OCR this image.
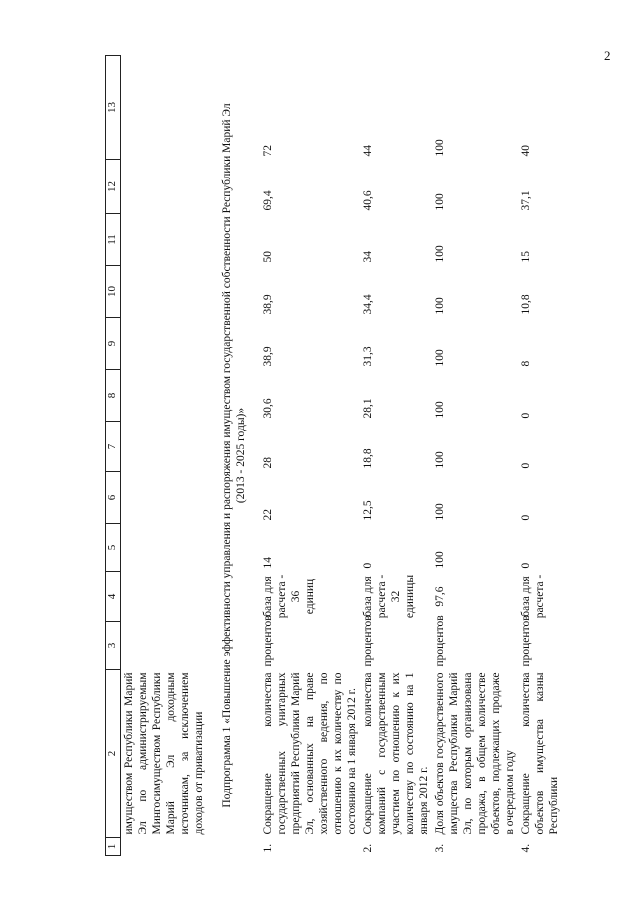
2
1	2	3	4	5	6	7	8	9	10	11	12	13
	имуществом Республики Марий Эл по администрируемым Мингосимуществом Республики Марий Эл доходным источникам, за исключением доходов от приватизации											
Подпрограмма 1 «Повышение эффективности управления и распоряжения имуществом государственной собственности Республики Марий Эл (2013 - 2025 годы)»												
1.	Сокращение количества государственных унитарных предприятий Республики Марий Эл, основанных на праве хозяйственного ведения, по отношению к их количеству по состоянию на 1 января 2012 г.	процентов	база для расчета - 36 единиц	14	22	28	30,6	38,9	38,9	50	69,4	72
2.	Сокращение количества компаний с государственным участием по отношению к их количеству по состоянию на 1 января 2012 г.	процентов	база для расчета - 32 единицы	0	12,5	18,8	28,1	31,3	34,4	34	40,6	44
3.	Доля объектов государственного имущества Республики Марий Эл, по которым организована продажа, в общем количестве объектов, подлежащих продаже в очередном году	процентов	97,6	100	100	100	100	100	100	100	100	100
4.	Сокращение количества объектов имущества казны Республики	процентов	база для расчета -	0	0	0	0	8	10,8	15	37,1	40
